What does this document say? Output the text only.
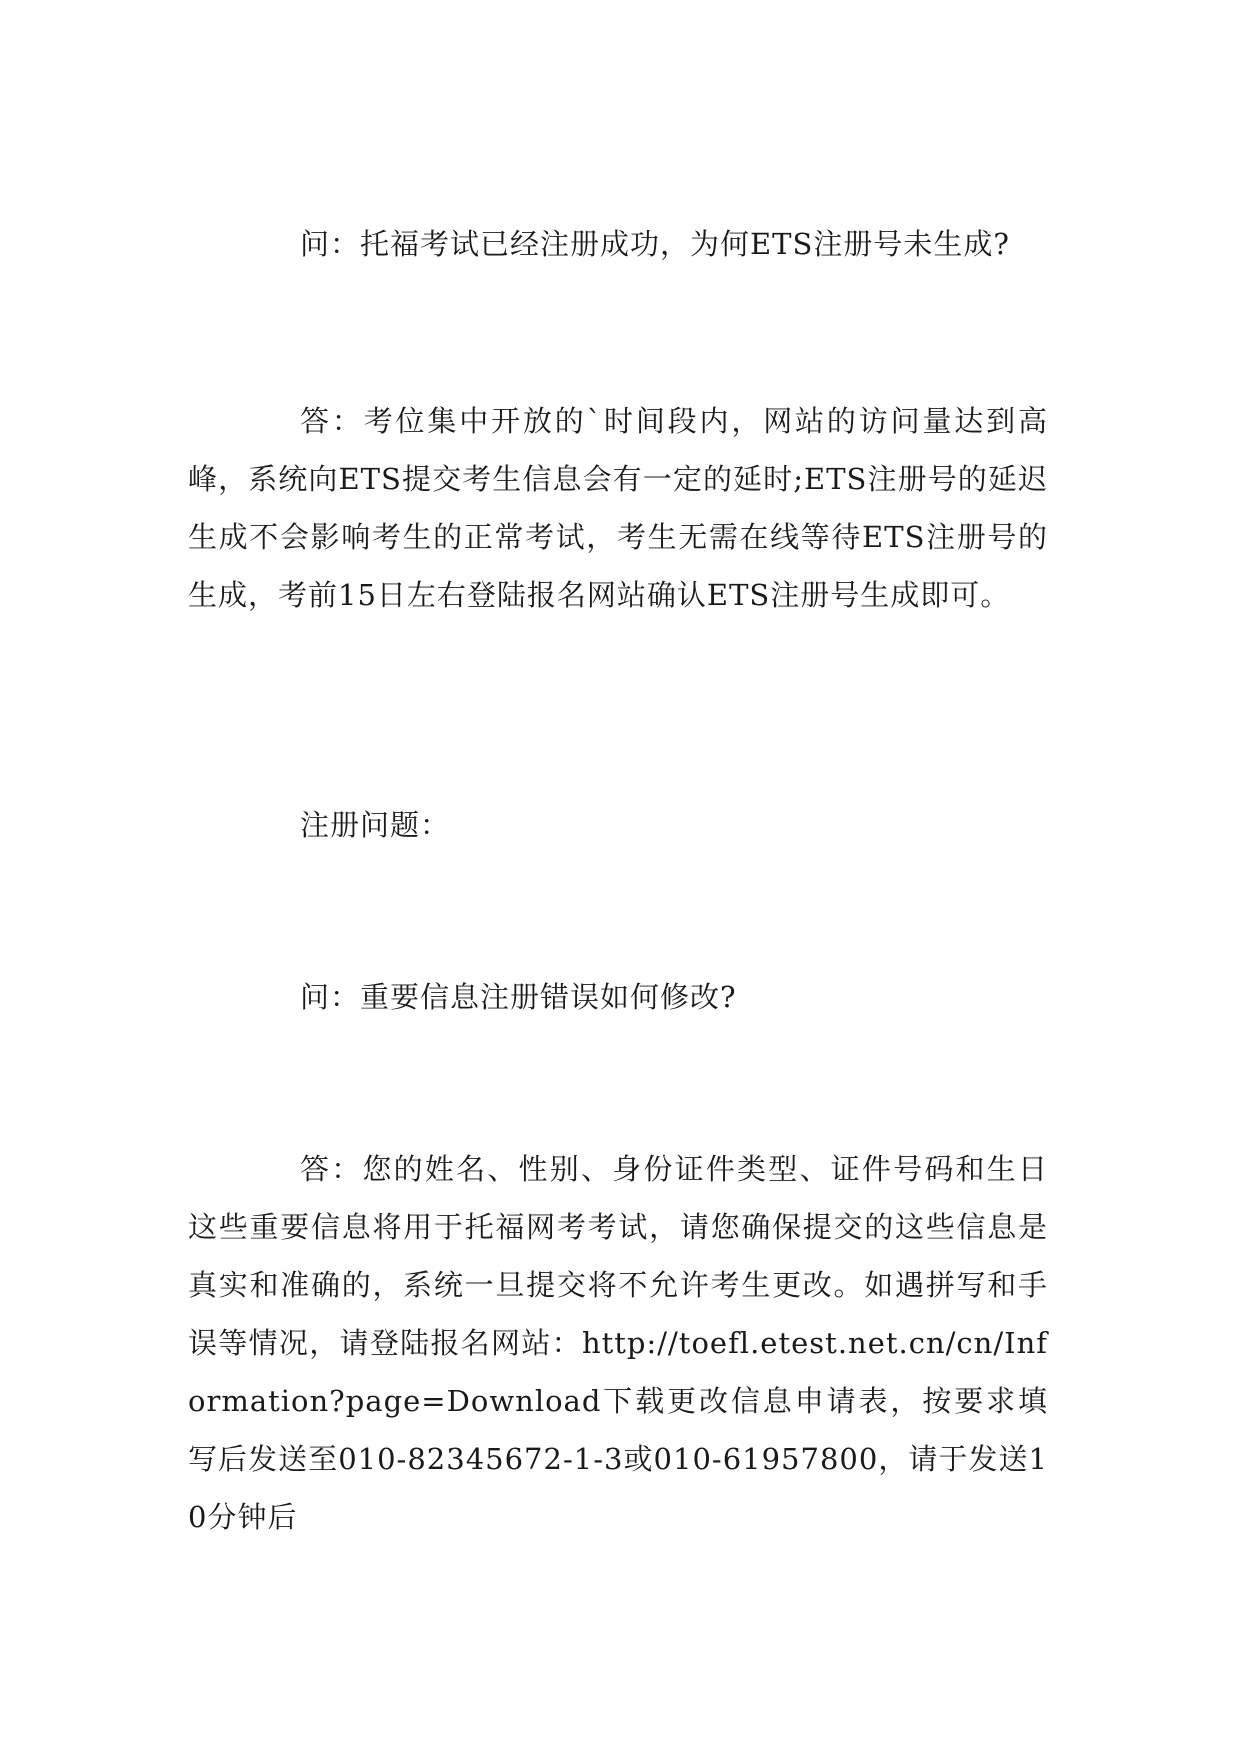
问：托福考试已经注册成功，为何ETS注册号未生成?

答：考位集中开放的`时间段内，网站的访问量达到高峰，系统向ETS提交考生信息会有一定的延时;ETS注册号的延迟生成不会影响考生的正常考试，考生无需在线等待ETS注册号的生成，考前15日左右登陆报名网站确认ETS注册号生成即可。

注册问题：

问：重要信息注册错误如何修改?

答：您的姓名、性别、身份证件类型、证件号码和生日这些重要信息将用于托福网考考试，请您确保提交的这些信息是真实和准确的，系统一旦提交将不允许考生更改。如遇拼写和手误等情况，请登陆报名网站：http://toefl.etest.net.cn/cn/Information?page=Download下载更改信息申请表，按要求填写后发送至010-82345672-1-3或010-61957800，请于发送10分钟后
